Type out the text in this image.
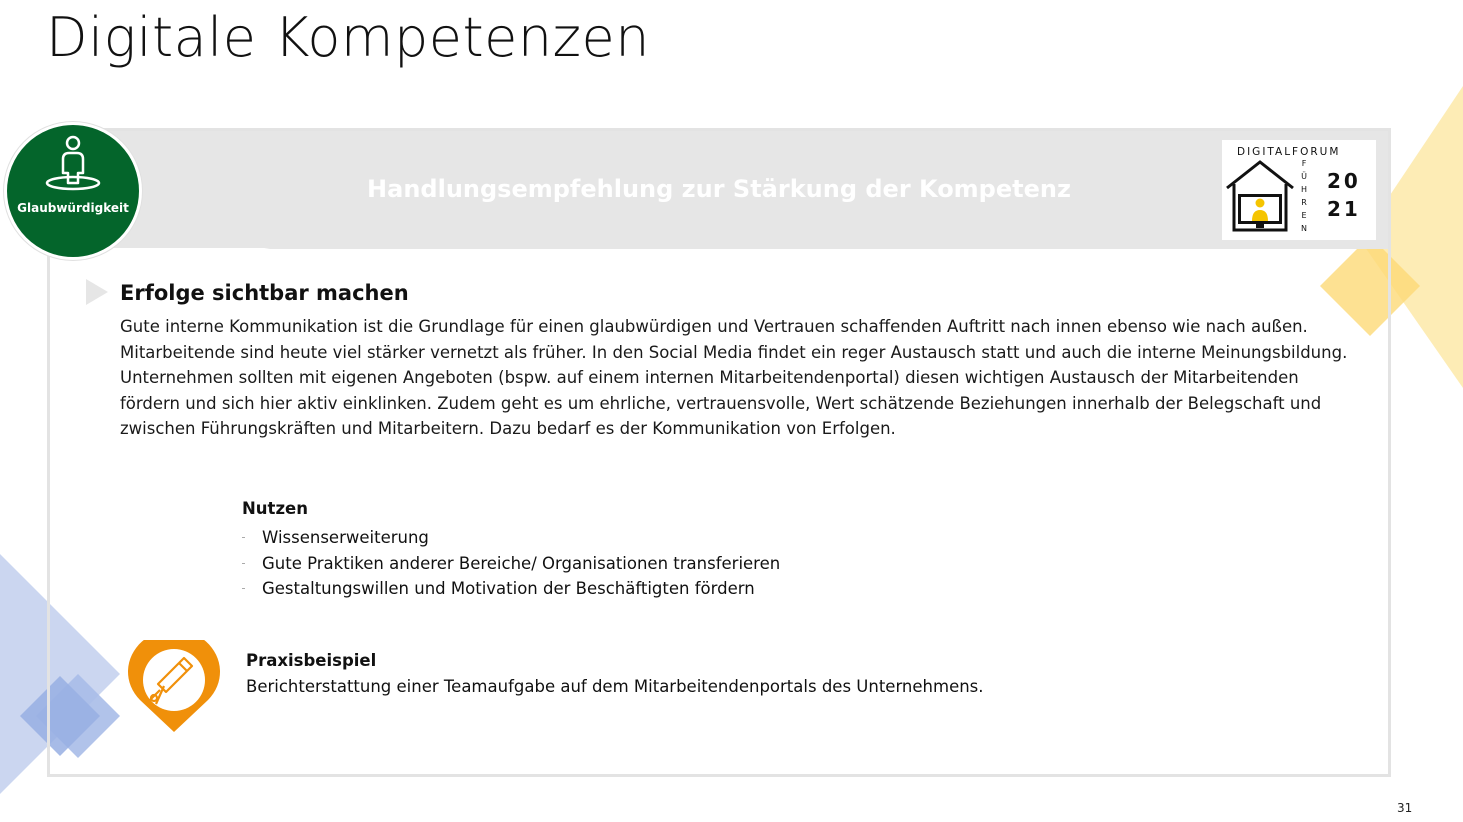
Digitale Kompetenzen
Handlungsempfehlung zur Stärkung der Kompetenz
Glaubwürdigkeit
DIGITALFORUM
F
Ü
H
R
E
N
20
21
Erfolge sichtbar machen

Gute interne Kommunikation ist die Grundlage für einen glaubwürdigen und Vertrauen schaffenden Auftritt nach innen ebenso wie nach außen. Mitarbeitende sind heute viel stärker vernetzt als früher. In den Social Media findet ein reger Austausch statt und auch die interne Meinungsbildung. Unternehmen sollten mit eigenen Angeboten (bspw. auf einem internen Mitarbeitendenportal) diesen wichtigen Austausch der Mitarbeitenden fördern und sich hier aktiv einklinken. Zudem geht es um ehrliche, vertrauensvolle, Wert schätzende Beziehungen innerhalb der Belegschaft und zwischen Führungskräften und Mitarbeitern. Dazu bedarf es der Kommunikation von Erfolgen.

Nutzen
Wissenserweiterung
Gute Praktiken anderer Bereiche/ Organisationen transferieren
Gestaltungswillen und Motivation der Beschäftigten fördern
Praxisbeispiel
Berichterstattung einer Teamaufgabe auf dem Mitarbeitendenportals des Unternehmens.
31
